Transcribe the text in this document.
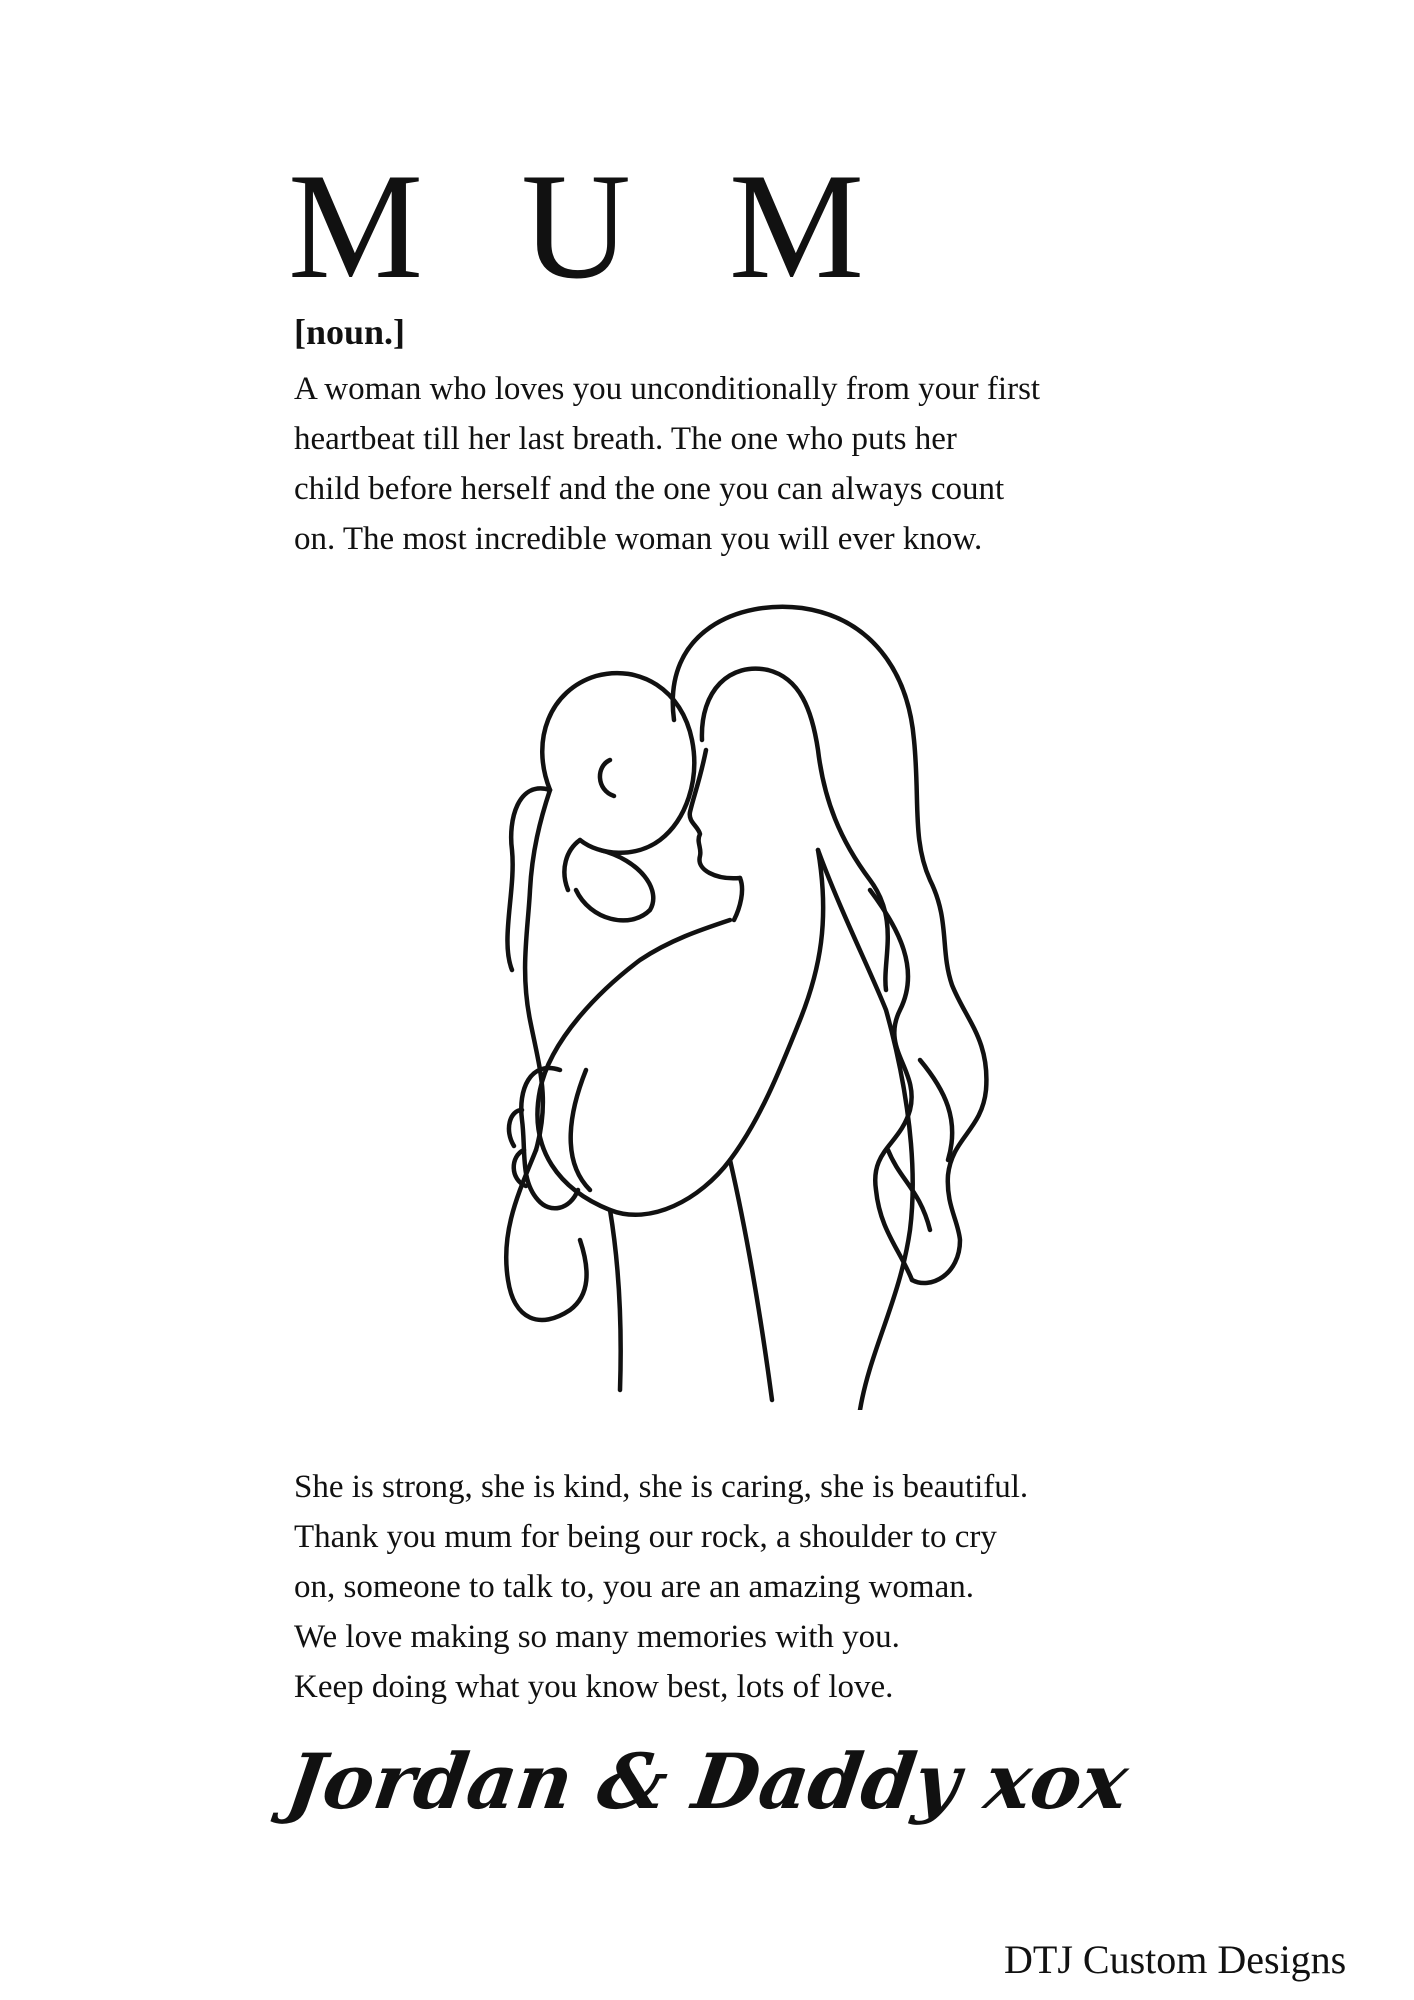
M U M
[noun.]

A woman who loves you unconditionally from your first
heartbeat till her last breath. The one who puts her
child before herself and the one you can always count
on. The most incredible woman you will ever know.

She is strong, she is kind, she is caring, she is beautiful.
Thank you mum for being our rock, a shoulder to cry
on, someone to talk to, you are an amazing woman.
We love making so many memories with you.
Keep doing what you know best, lots of love.

Jordan & Daddy xox
DTJ Custom Designs
